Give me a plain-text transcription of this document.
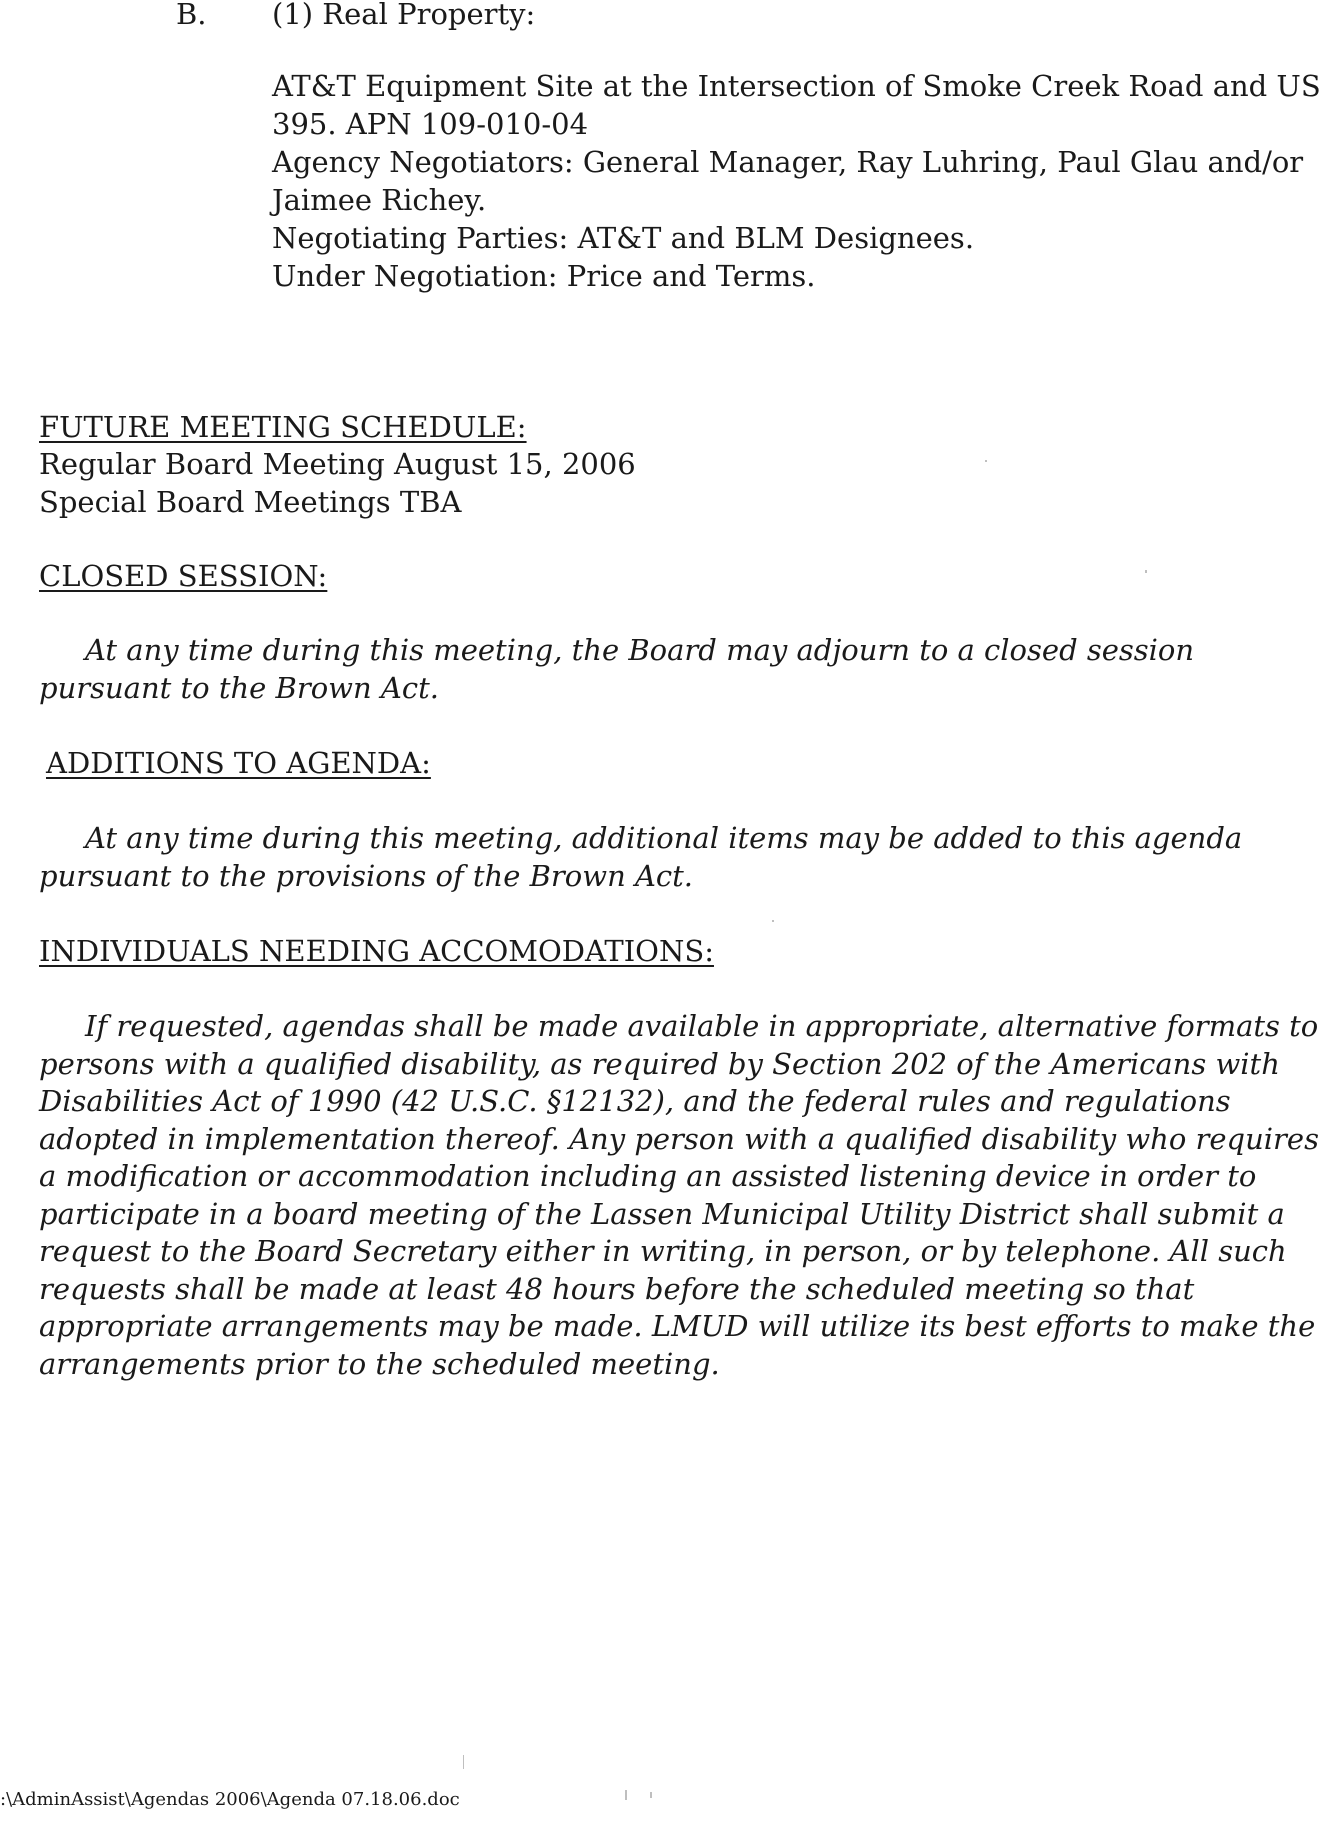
B. (1) Real Property:
AT&T Equipment Site at the Intersection of Smoke Creek Road and US
395. APN 109-010-04
Agency Negotiators: General Manager, Ray Luhring, Paul Glau and/or
Jaimee Richey.
Negotiating Parties: AT&T and BLM Designees.
Under Negotiation: Price and Terms.
FUTURE MEETING SCHEDULE:
Regular Board Meeting August 15, 2006
Special Board Meetings TBA
CLOSED SESSION:
At any time during this meeting, the Board may adjourn to a closed session pursuant to the Brown Act.
ADDITIONS TO AGENDA:
At any time during this meeting, additional items may be added to this agenda pursuant to the provisions of the Brown Act.
INDIVIDUALS NEEDING ACCOMODATIONS:
If requested, agendas shall be made available in appropriate, alternative formats to persons with a qualified disability, as required by Section 202 of the Americans with Disabilities Act of 1990 (42 U.S.C. §12132), and the federal rules and regulations adopted in implementation thereof. Any person with a qualified disability who requires a modification or accommodation including an assisted listening device in order to participate in a board meeting of the Lassen Municipal Utility District shall submit a request to the Board Secretary either in writing, in person, or by telephone. All such requests shall be made at least 48 hours before the scheduled meeting so that appropriate arrangements may be made. LMUD will utilize its best efforts to make the arrangements prior to the scheduled meeting.
:\AdminAssist\Agendas 2006\Agenda 07.18.06.doc
